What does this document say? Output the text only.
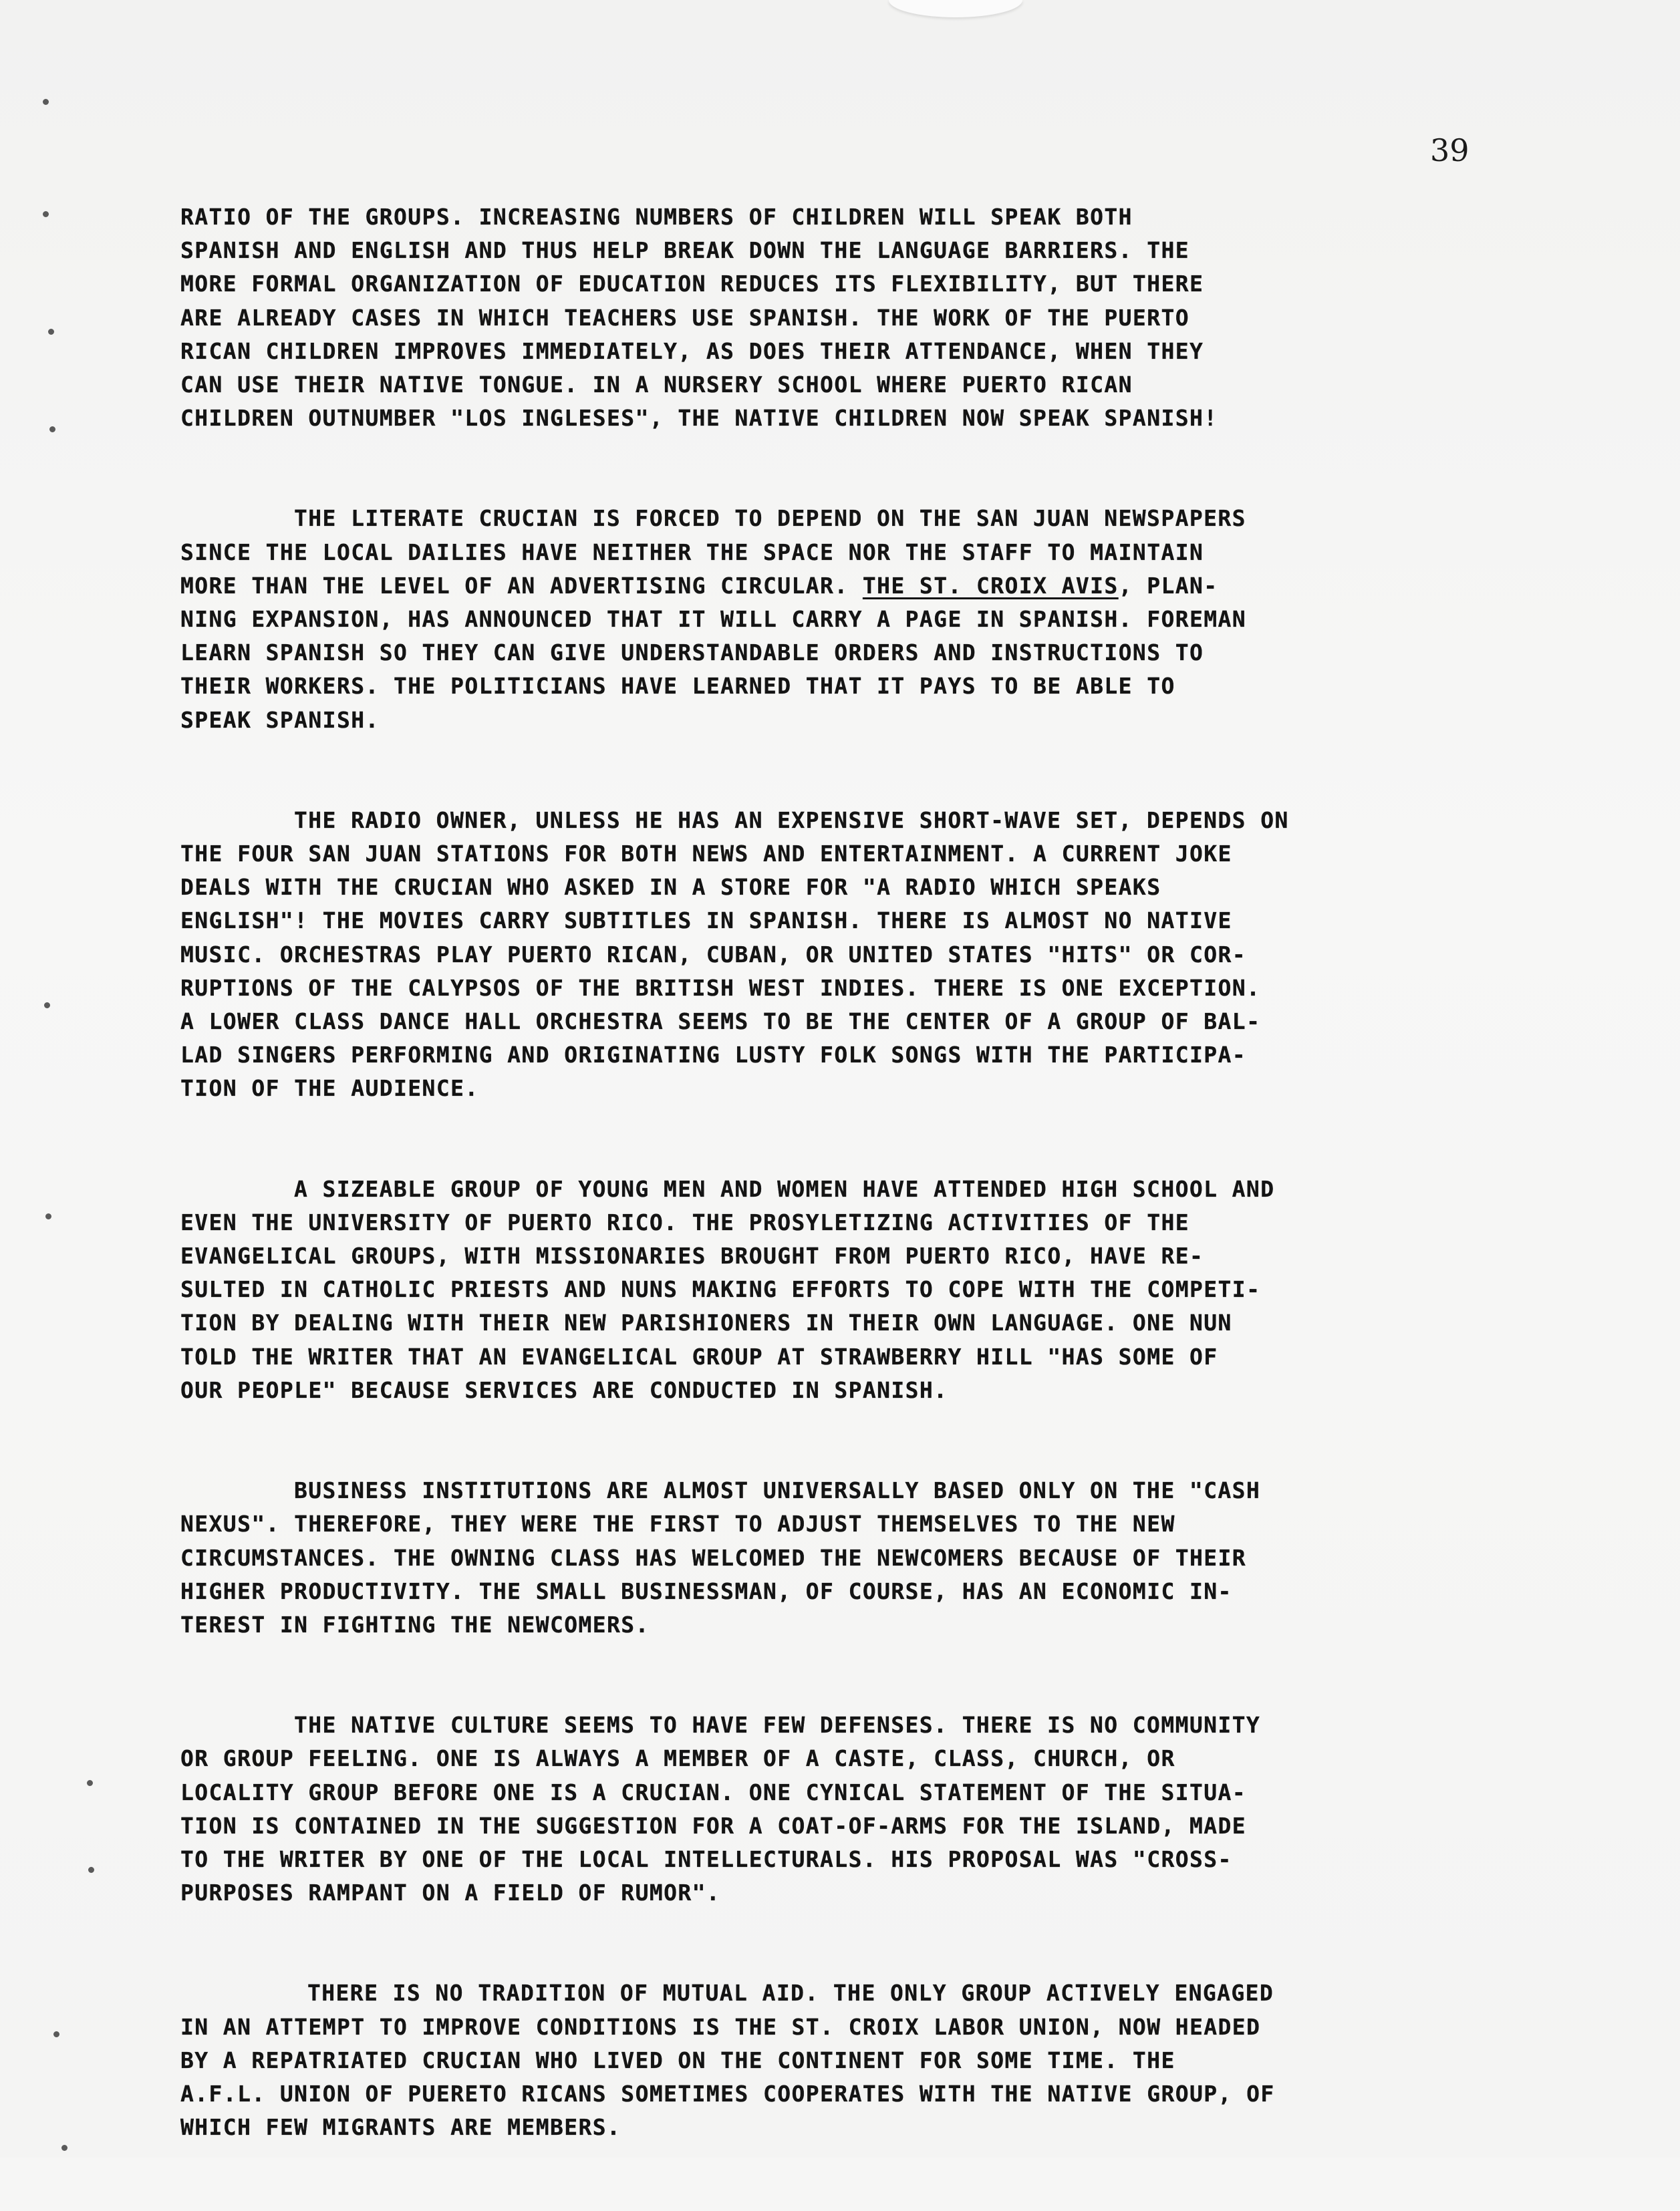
39

RATIO OF THE GROUPS. INCREASING NUMBERS OF CHILDREN WILL SPEAK BOTH
SPANISH AND ENGLISH AND THUS HELP BREAK DOWN THE LANGUAGE BARRIERS. THE
MORE FORMAL ORGANIZATION OF EDUCATION REDUCES ITS FLEXIBILITY, BUT THERE
ARE ALREADY CASES IN WHICH TEACHERS USE SPANISH. THE WORK OF THE PUERTO
RICAN CHILDREN IMPROVES IMMEDIATELY, AS DOES THEIR ATTENDANCE, WHEN THEY
CAN USE THEIR NATIVE TONGUE. IN A NURSERY SCHOOL WHERE PUERTO RICAN
CHILDREN OUTNUMBER "LOS INGLESES", THE NATIVE CHILDREN NOW SPEAK SPANISH!

THE LITERATE CRUCIAN IS FORCED TO DEPEND ON THE SAN JUAN NEWSPAPERS
SINCE THE LOCAL DAILIES HAVE NEITHER THE SPACE NOR THE STAFF TO MAINTAIN
MORE THAN THE LEVEL OF AN ADVERTISING CIRCULAR. THE ST. CROIX AVIS, PLAN-
NING EXPANSION, HAS ANNOUNCED THAT IT WILL CARRY A PAGE IN SPANISH. FOREMAN
LEARN SPANISH SO THEY CAN GIVE UNDERSTANDABLE ORDERS AND INSTRUCTIONS TO
THEIR WORKERS. THE POLITICIANS HAVE LEARNED THAT IT PAYS TO BE ABLE TO
SPEAK SPANISH.

THE RADIO OWNER, UNLESS HE HAS AN EXPENSIVE SHORT-WAVE SET, DEPENDS ON
THE FOUR SAN JUAN STATIONS FOR BOTH NEWS AND ENTERTAINMENT. A CURRENT JOKE
DEALS WITH THE CRUCIAN WHO ASKED IN A STORE FOR "A RADIO WHICH SPEAKS
ENGLISH"! THE MOVIES CARRY SUBTITLES IN SPANISH. THERE IS ALMOST NO NATIVE
MUSIC. ORCHESTRAS PLAY PUERTO RICAN, CUBAN, OR UNITED STATES "HITS" OR COR-
RUPTIONS OF THE CALYPSOS OF THE BRITISH WEST INDIES. THERE IS ONE EXCEPTION.
A LOWER CLASS DANCE HALL ORCHESTRA SEEMS TO BE THE CENTER OF A GROUP OF BAL-
LAD SINGERS PERFORMING AND ORIGINATING LUSTY FOLK SONGS WITH THE PARTICIPA-
TION OF THE AUDIENCE.

A SIZEABLE GROUP OF YOUNG MEN AND WOMEN HAVE ATTENDED HIGH SCHOOL AND
EVEN THE UNIVERSITY OF PUERTO RICO. THE PROSYLETIZING ACTIVITIES OF THE
EVANGELICAL GROUPS, WITH MISSIONARIES BROUGHT FROM PUERTO RICO, HAVE RE-
SULTED IN CATHOLIC PRIESTS AND NUNS MAKING EFFORTS TO COPE WITH THE COMPETI-
TION BY DEALING WITH THEIR NEW PARISHIONERS IN THEIR OWN LANGUAGE. ONE NUN
TOLD THE WRITER THAT AN EVANGELICAL GROUP AT STRAWBERRY HILL "HAS SOME OF
OUR PEOPLE" BECAUSE SERVICES ARE CONDUCTED IN SPANISH.

BUSINESS INSTITUTIONS ARE ALMOST UNIVERSALLY BASED ONLY ON THE "CASH
NEXUS". THEREFORE, THEY WERE THE FIRST TO ADJUST THEMSELVES TO THE NEW
CIRCUMSTANCES. THE OWNING CLASS HAS WELCOMED THE NEWCOMERS BECAUSE OF THEIR
HIGHER PRODUCTIVITY. THE SMALL BUSINESSMAN, OF COURSE, HAS AN ECONOMIC IN-
TEREST IN FIGHTING THE NEWCOMERS.

THE NATIVE CULTURE SEEMS TO HAVE FEW DEFENSES. THERE IS NO COMMUNITY
OR GROUP FEELING. ONE IS ALWAYS A MEMBER OF A CASTE, CLASS, CHURCH, OR
LOCALITY GROUP BEFORE ONE IS A CRUCIAN. ONE CYNICAL STATEMENT OF THE SITUA-
TION IS CONTAINED IN THE SUGGESTION FOR A COAT-OF-ARMS FOR THE ISLAND, MADE
TO THE WRITER BY ONE OF THE LOCAL INTELLECTURALS. HIS PROPOSAL WAS "CROSS-
PURPOSES RAMPANT ON A FIELD OF RUMOR".

THERE IS NO TRADITION OF MUTUAL AID. THE ONLY GROUP ACTIVELY ENGAGED
IN AN ATTEMPT TO IMPROVE CONDITIONS IS THE ST. CROIX LABOR UNION, NOW HEADED
BY A REPATRIATED CRUCIAN WHO LIVED ON THE CONTINENT FOR SOME TIME. THE
A.F.L. UNION OF PUERETO RICANS SOMETIMES COOPERATES WITH THE NATIVE GROUP, OF
WHICH FEW MIGRANTS ARE MEMBERS.
